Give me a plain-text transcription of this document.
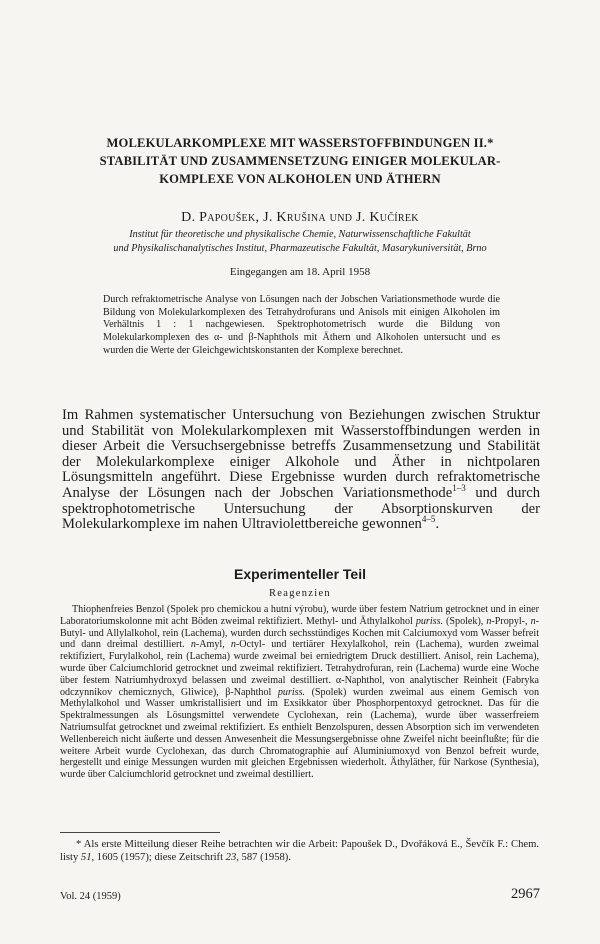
MOLEKULARKOMPLEXE MIT WASSERSTOFFBINDUNGEN II.*
STABILITÄT UND ZUSAMMENSETZUNG EINIGER MOLEKULAR-
KOMPLEXE VON ALKOHOLEN UND ÄTHERN
D. Papoušek, J. Krušina und J. Kučírek
Institut für theoretische und physikalische Chemie, Naturwissenschaftliche Fakultät
und Physikalischanalytisches Institut, Pharmazeutische Fakultät, Masarykuniversität, Brno
Eingegangen am 18. April 1958
Durch refraktometrische Analyse von Lösungen nach der Jobschen Variationsmethode wurde die Bildung von Molekularkomplexen des Tetrahydrofurans und Anisols mit einigen Alkoholen im Verhältnis 1 : 1 nachgewiesen. Spektrophotometrisch wurde die Bildung von Molekularkomplexen des α- und β-Naphthols mit Äthern und Alkoholen untersucht und es wurden die Werte der Gleichgewichtskonstanten der Komplexe berechnet.
Im Rahmen systematischer Untersuchung von Beziehungen zwischen Struktur und Stabilität von Molekularkomplexen mit Wasserstoffbindungen werden in dieser Arbeit die Versuchsergebnisse betreffs Zusammensetzung und Stabilität der Molekularkomplexe einiger Alkohole und Äther in nichtpolaren Lösungsmitteln angeführt. Diese Ergebnisse wurden durch refraktometrische Analyse der Lösungen nach der Jobschen Variationsmethode$^{1-3}$ und durch spektrophotometrische Untersuchung der Absorptionskurven der Molekularkomplexe im nahen Ultraviolettbereiche gewonnen$^{4-5}$.
Experimenteller Teil
Reagenzien

Thiophenfreies Benzol (Spolek pro chemickou a hutní výrobu), wurde über festem Natrium getrocknet und in einer Laboratoriumskolonne mit acht Böden zweimal rektifiziert. Methyl- und Äthylalkohol puriss. (Spolek), n-Propyl-, n-Butyl- und Allylalkohol, rein (Lachema), wurden durch sechsstündiges Kochen mit Calciumoxyd vom Wasser befreit und dann dreimal destilliert. n-Amyl, n-Octyl- und tertiärer Hexylalkohol, rein (Lachema), wurden zweimal rektifiziert, Furylalkohol, rein (Lachema) wurde zweimal bei erniedrigtem Druck destilliert. Anisol, rein Lachema), wurde über Calciumchlorid getrocknet und zweimal rektifiziert. Tetrahydrofuran, rein (Lachema) wurde eine Woche über festem Natriumhydroxyd belassen und zweimal destilliert. α-Naphthol, von analytischer Reinheit (Fabryka odczynnikov chemicznych, Gliwice), β-Naphthol puriss. (Spolek) wurden zweimal aus einem Gemisch von Methylalkohol und Wasser umkristallisiert und im Exsikkator über Phosphorpentoxyd getrocknet. Das für die Spektralmessungen als Lösungsmittel verwendete Cyclohexan, rein (Lachema), wurde über wasserfreiem Natriumsulfat getrocknet und zweimal rektifiziert. Es enthielt Benzolspuren, dessen Absorption sich im verwendeten Wellenbereich nicht äußerte und dessen Anwesenheit die Messungsergebnisse ohne Zweifel nicht beeinflußte; für die weitere Arbeit wurde Cyclohexan, das durch Chromatographie auf Aluminiumoxyd von Benzol befreit wurde, hergestellt und einige Messungen wurden mit gleichen Ergebnissen wiederholt. Äthyläther, für Narkose (Synthesia), wurde über Calciumchlorid getrocknet und zweimal destilliert.

* Als erste Mitteilung dieser Reihe betrachten wir die Arbeit: Papoušek D., Dvořáková E., Ševčík F.: Chem. listy 51, 1605 (1957); diese Zeitschrift 23, 587 (1958).

Vol. 24 (1959)	2967
